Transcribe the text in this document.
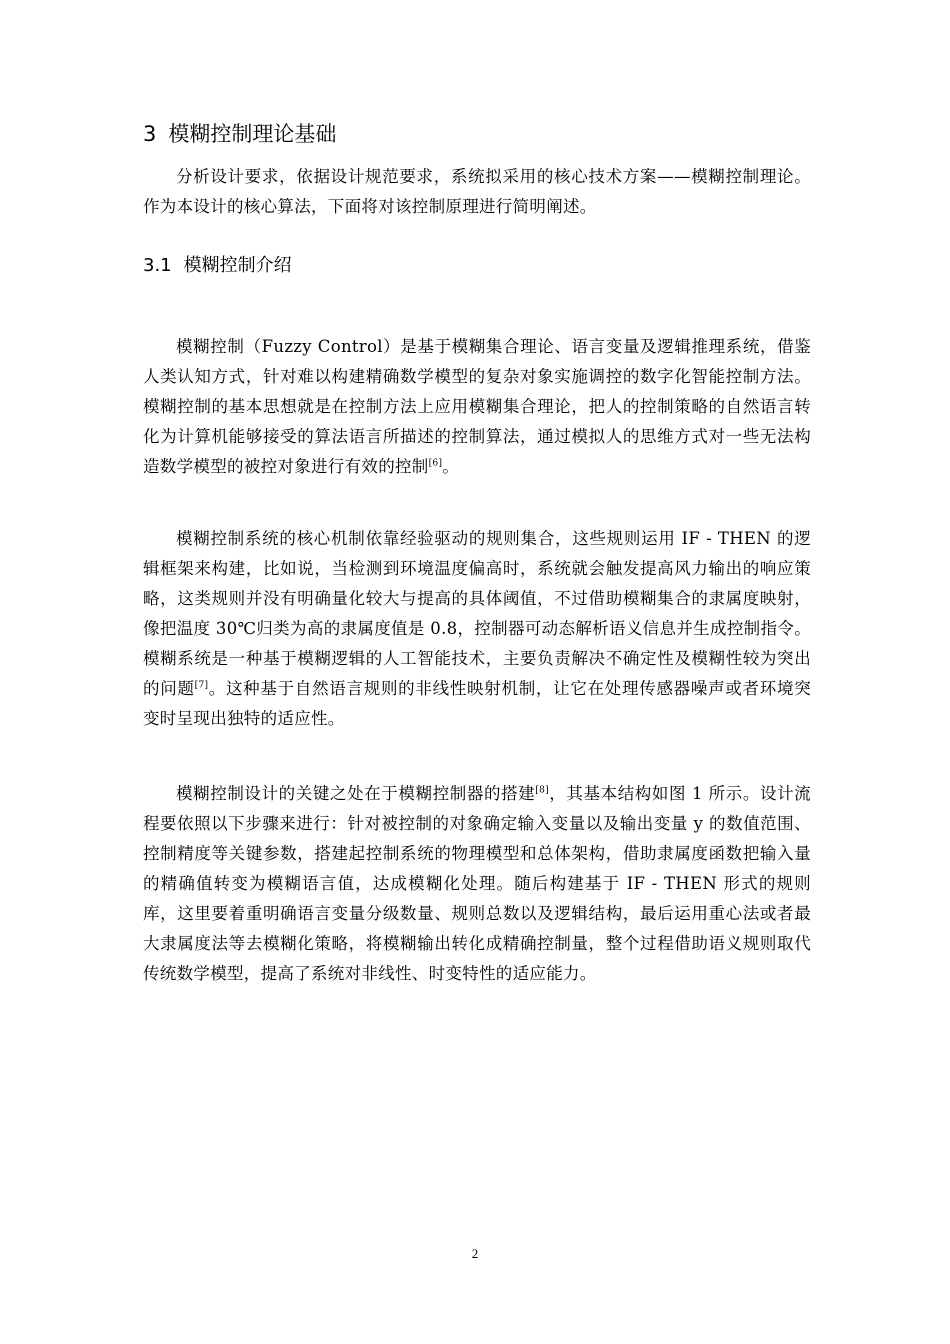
3 模糊控制理论基础

分析设计要求，依据设计规范要求，系统拟采用的核心技术方案——模糊控制理论。作为本设计的核心算法，下面将对该控制原理进行简明阐述。

3.1 模糊控制介绍

模糊控制（Fuzzy Control）是基于模糊集合理论、语言变量及逻辑推理系统，借鉴人类认知方式，针对难以构建精确数学模型的复杂对象实施调控的数字化智能控制方法。模糊控制的基本思想就是在控制方法上应用模糊集合理论，把人的控制策略的自然语言转化为计算机能够接受的算法语言所描述的控制算法，通过模拟人的思维方式对一些无法构造数学模型的被控对象进行有效的控制[6]。

模糊控制系统的核心机制依靠经验驱动的规则集合，这些规则运用 IF - THEN 的逻辑框架来构建，比如说，当检测到环境温度偏高时，系统就会触发提高风力输出的响应策略，这类规则并没有明确量化较大与提高的具体阈值，不过借助模糊集合的隶属度映射，像把温度 30℃归类为高的隶属度值是 0.8，控制器可动态解析语义信息并生成控制指令。模糊系统是一种基于模糊逻辑的人工智能技术，主要负责解决不确定性及模糊性较为突出的问题[7]。这种基于自然语言规则的非线性映射机制，让它在处理传感器噪声或者环境突变时呈现出独特的适应性。

模糊控制设计的关键之处在于模糊控制器的搭建[8]，其基本结构如图 1 所示。设计流程要依照以下步骤来进行：针对被控制的对象确定输入变量以及输出变量 y 的数值范围、控制精度等关键参数，搭建起控制系统的物理模型和总体架构，借助隶属度函数把输入量的精确值转变为模糊语言值，达成模糊化处理。随后构建基于 IF - THEN 形式的规则库，这里要着重明确语言变量分级数量、规则总数以及逻辑结构，最后运用重心法或者最大隶属度法等去模糊化策略，将模糊输出转化成精确控制量，整个过程借助语义规则取代传统数学模型，提高了系统对非线性、时变特性的适应能力。

2
